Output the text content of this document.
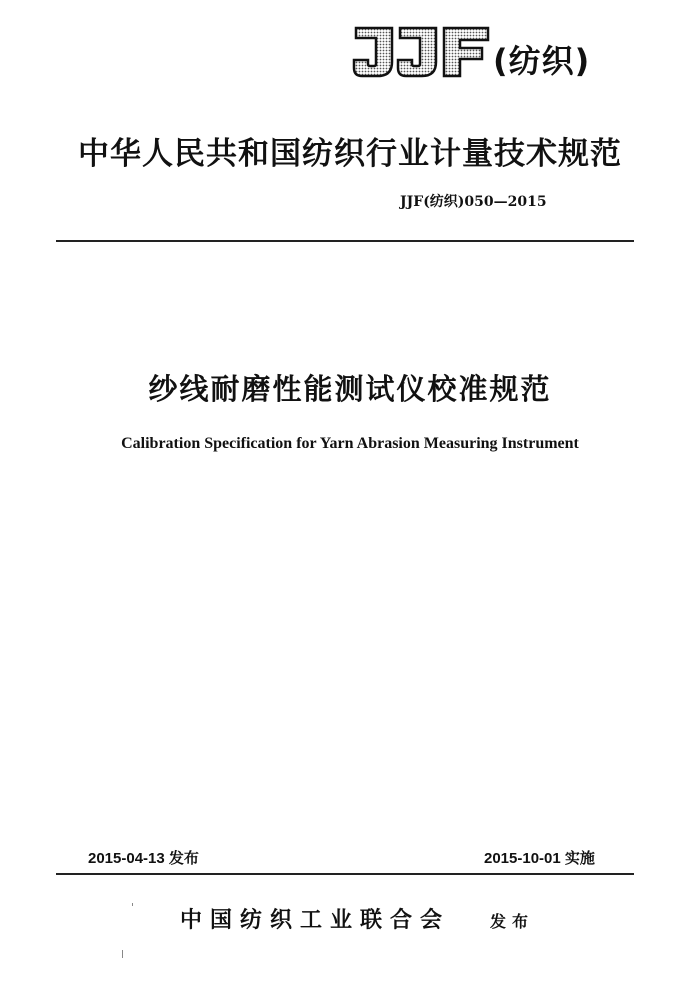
(纺织)
中华人民共和国纺织行业计量技术规范
JJF(纺织)050—2015
纱线耐磨性能测试仪校准规范
Calibration Specification for Yarn Abrasion Measuring Instrument
2015-04-13 发布	2015-10-01 实施
中国纺织工业联合会 发布
